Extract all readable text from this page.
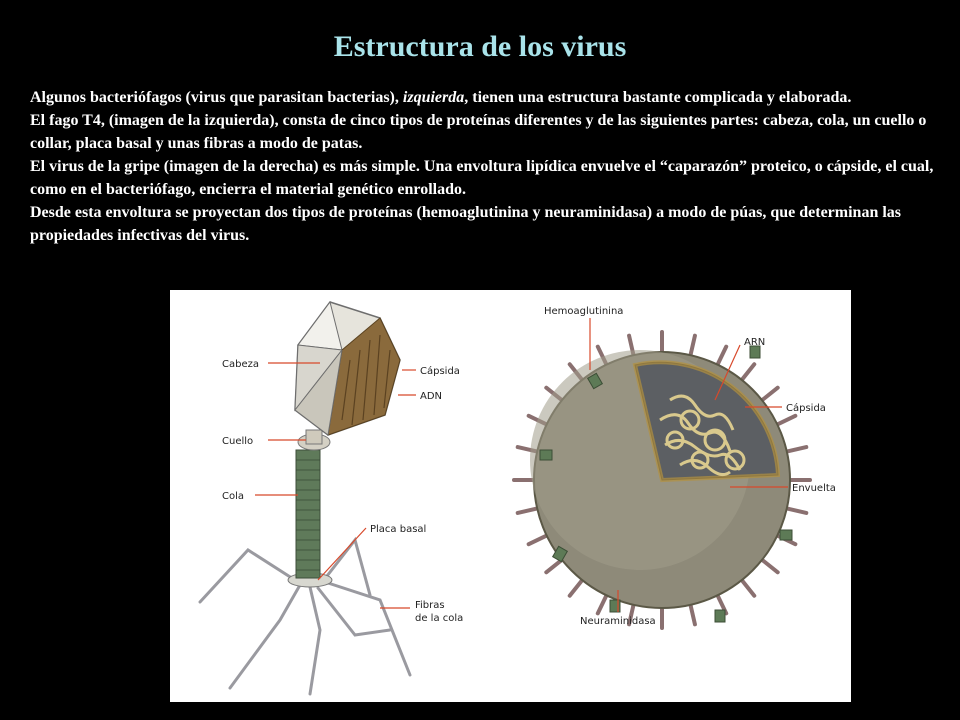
Estructura de los virus

Algunos bacteriófagos (virus que parasitan bacterias), izquierda, tienen una estructura bastante complicada y elaborada.

El fago T4, (imagen de la izquierda), consta de cinco tipos de proteínas diferentes y de las siguientes partes: cabeza, cola, un cuello o collar, placa basal y unas fibras a modo de patas.

El virus de la gripe (imagen de la derecha) es más simple. Una envoltura lipídica envuelve el “caparazón” proteico, o cápside, el cual, como en el bacteriófago, encierra el material genético enrollado.

Desde esta envoltura se proyectan dos tipos de proteínas (hemoaglutinina y neuraminidasa) a modo de púas, que determinan las propiedades infectivas del virus.

Cabeza
Cápsida
ADN
Cuello
Cola
Placa basal
Fibras
de la cola
Hemoaglutinina
ARN
Cápsida
Envuelta
Neuraminidasa
